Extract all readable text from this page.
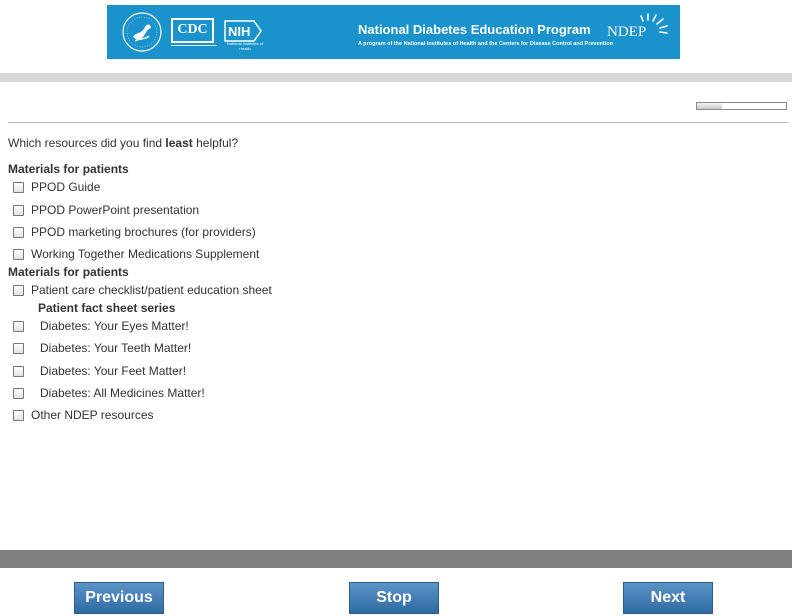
CDC	NIH
National Institutes of Health
National Diabetes Education Program
A program of the National Institutes of Health and the Centers for Disease Control and Prevention
NDEP
Which resources did you find least helpful?
Materials for patients
PPOD Guide
PPOD PowerPoint presentation
PPOD marketing brochures (for providers)
Working Together Medications Supplement
Materials for patients
Patient care checklist/patient education sheet
Patient fact sheet series
Diabetes: Your Eyes Matter!
Diabetes: Your Teeth Matter!
Diabetes: Your Feet Matter!
Diabetes: All Medicines Matter!
Other NDEP resources
Previous	Stop	Next
